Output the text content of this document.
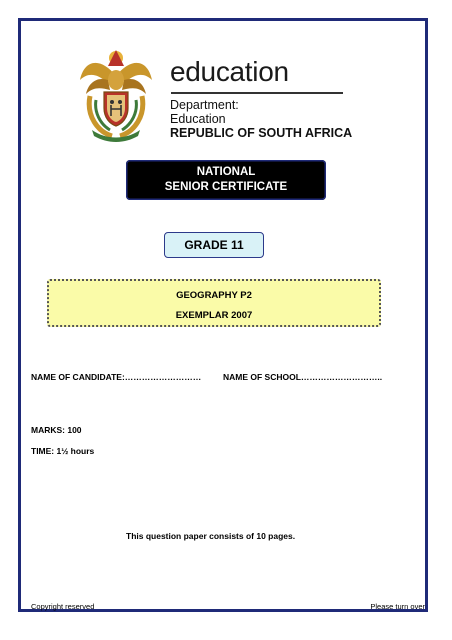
education
Department:
Education
REPUBLIC OF SOUTH AFRICA
NATIONAL
SENIOR CERTIFICATE
GRADE 11
GEOGRAPHY P2
EXEMPLAR 2007
NAME OF CANDIDATE:………………………	NAME OF SCHOOL………………………..
MARKS: 100
TIME: 1½ hours
This question paper consists of 10 pages.
Copyright reserved	Please turn over
